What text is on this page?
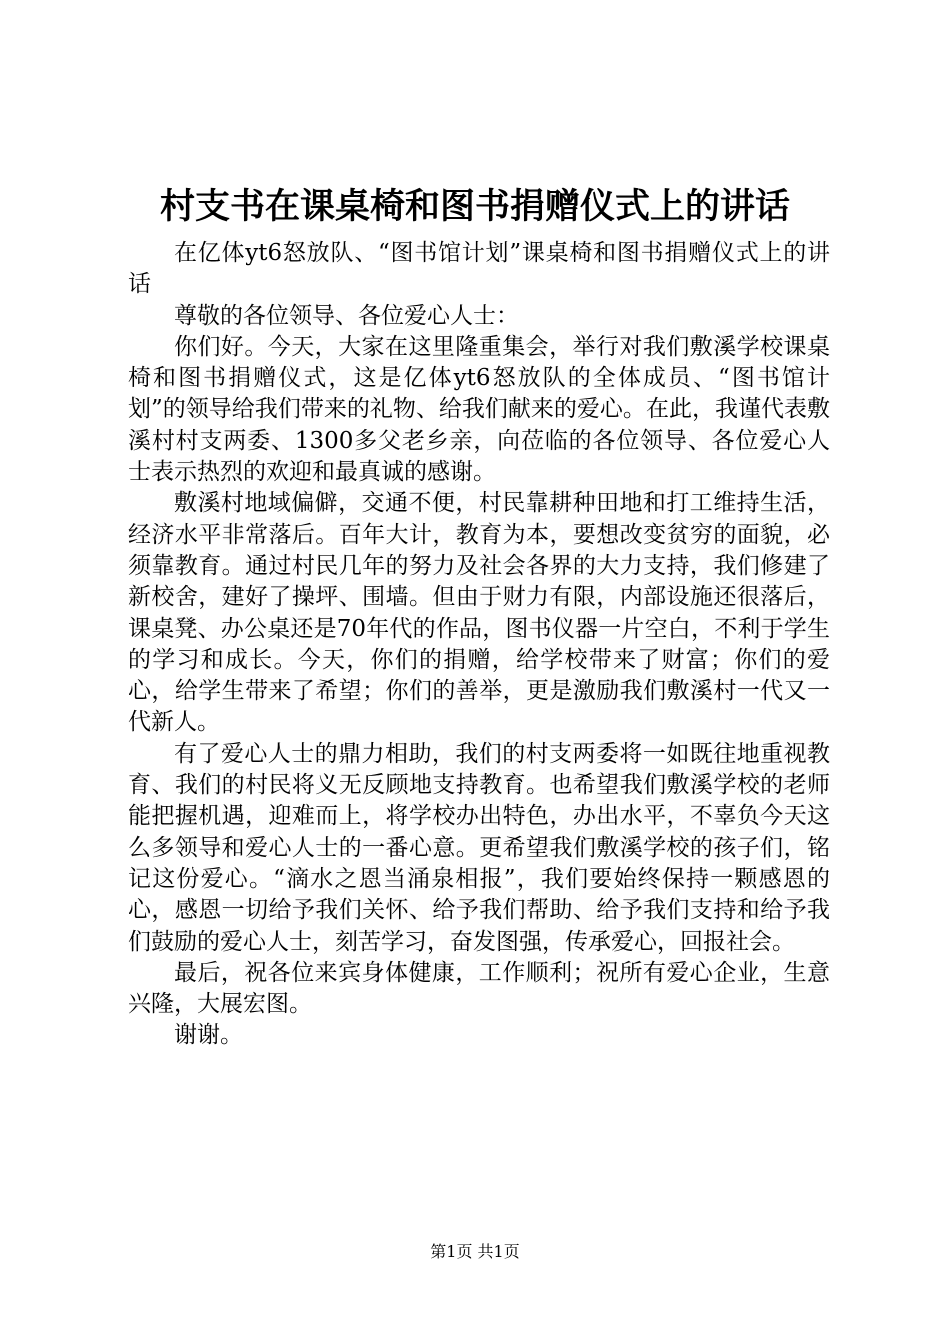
村支书在课桌椅和图书捐赠仪式上的讲话

在亿体yt6怒放队、“图书馆计划”课桌椅和图书捐赠仪式上的讲话

尊敬的各位领导、各位爱心人士：

你们好。今天，大家在这里隆重集会，举行对我们敷溪学校课桌椅和图书捐赠仪式，这是亿体yt6怒放队的全体成员、“图书馆计划”的领导给我们带来的礼物、给我们献来的爱心。在此，我谨代表敷溪村村支两委、1300多父老乡亲，向莅临的各位领导、各位爱心人士表示热烈的欢迎和最真诚的感谢。

敷溪村地域偏僻，交通不便，村民靠耕种田地和打工维持生活，经济水平非常落后。百年大计，教育为本，要想改变贫穷的面貌，必须靠教育。通过村民几年的努力及社会各界的大力支持，我们修建了新校舍，建好了操坪、围墙。但由于财力有限，内部设施还很落后，课桌凳、办公桌还是70年代的作品，图书仪器一片空白，不利于学生的学习和成长。今天，你们的捐赠，给学校带来了财富；你们的爱心，给学生带来了希望；你们的善举，更是激励我们敷溪村一代又一代新人。

有了爱心人士的鼎力相助，我们的村支两委将一如既往地重视教育、我们的村民将义无反顾地支持教育。也希望我们敷溪学校的老师能把握机遇，迎难而上，将学校办出特色，办出水平，不辜负今天这么多领导和爱心人士的一番心意。更希望我们敷溪学校的孩子们，铭记这份爱心。“滴水之恩当涌泉相报”，我们要始终保持一颗感恩的心，感恩一切给予我们关怀、给予我们帮助、给予我们支持和给予我们鼓励的爱心人士，刻苦学习，奋发图强，传承爱心，回报社会。

最后，祝各位来宾身体健康，工作顺利；祝所有爱心企业，生意兴隆，大展宏图。

谢谢。

第1页 共1页
